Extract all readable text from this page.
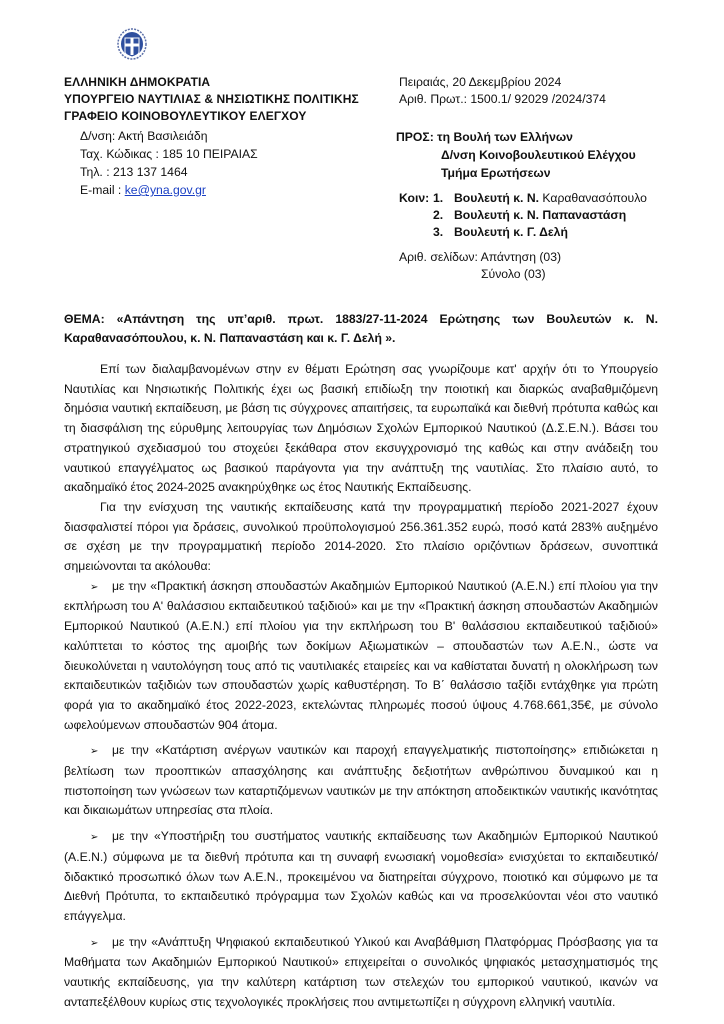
ΕΛΛΗΝΙΚΗ ΔΗΜΟΚΡΑΤΙΑ
ΥΠΟΥΡΓΕΙΟ ΝΑΥΤΙΛΙΑΣ & ΝΗΣΙΩΤΙΚΗΣ ΠΟΛΙΤΙΚΗΣ
ΓΡΑΦΕΙΟ ΚΟΙΝΟΒΟΥΛΕΥΤΙΚΟΥ ΕΛΕΓΧΟΥ
Δ/νση: Ακτή Βασιλειάδη
Ταχ. Κώδικας : 185 10 ΠΕΙΡΑΙΑΣ
Τηλ. : 213 137 1464
E-mail : ke@yna.gov.gr
Πειραιάς, 20 Δεκεμβρίου 2024
Αριθ. Πρωτ.: 1500.1/ 92029 /2024/374
ΠΡΟΣ: τη Βουλή των Ελλήνων
Δ/νση Κοινοβουλευτικού Ελέγχου
Τμήμα Ερωτήσεων
Κοιν: 1. Βουλευτή κ. Ν. Καραθανασόπουλο
2. Βουλευτή κ. Ν. Παπαναστάση
3. Βουλευτή κ. Γ. Δελή
Αριθ. σελίδων: Απάντηση (03)
Σύνολο (03)
ΘΕΜΑ: «Απάντηση της υπ’αριθ. πρωτ. 1883/27-11-2024 Ερώτησης των Βουλευτών κ. Ν. Καραθανασόπουλου, κ. Ν. Παπαναστάση και κ. Γ. Δελή ».

Επί των διαλαμβανομένων στην εν θέματι Ερώτηση σας γνωρίζουμε κατ' αρχήν ότι το Υπουργείο Ναυτιλίας και Νησιωτικής Πολιτικής έχει ως βασική επιδίωξη την ποιοτική και διαρκώς αναβαθμιζόμενη δημόσια ναυτική εκπαίδευση, με βάση τις σύγχρονες απαιτήσεις, τα ευρωπαϊκά και διεθνή πρότυπα καθώς και τη διασφάλιση της εύρυθμης λειτουργίας των Δημόσιων Σχολών Εμπορικού Ναυτικού (Δ.Σ.Ε.Ν.). Βάσει του στρατηγικού σχεδιασμού του στοχεύει ξεκάθαρα στον εκσυγχρονισμό της καθώς και στην ανάδειξη του ναυτικού επαγγέλματος ως βασικού παράγοντα για την ανάπτυξη της ναυτιλίας. Στο πλαίσιο αυτό, το ακαδημαϊκό έτος 2024-2025 ανακηρύχθηκε ως έτος Ναυτικής Εκπαίδευσης.

Για την ενίσχυση της ναυτικής εκπαίδευσης κατά την προγραμματική περίοδο 2021-2027 έχουν διασφαλιστεί πόροι για δράσεις, συνολικού προϋπολογισμού 256.361.352 ευρώ, ποσό κατά 283% αυξημένο σε σχέση με την προγραμματική περίοδο 2014-2020. Στο πλαίσιο οριζόντιων δράσεων, συνοπτικά σημειώνονται τα ακόλουθα:

➢ με την «Πρακτική άσκηση σπουδαστών Ακαδημιών Εμπορικού Ναυτικού (Α.Ε.Ν.) επί πλοίου για την εκπλήρωση του Α' θαλάσσιου εκπαιδευτικού ταξιδιού» και με την «Πρακτική άσκηση σπουδαστών Ακαδημιών Εμπορικού Ναυτικού (Α.Ε.Ν.) επί πλοίου για την εκπλήρωση του Β' θαλάσσιου εκπαιδευτικού ταξιδιού» καλύπτεται το κόστος της αμοιβής των δοκίμων Αξιωματικών – σπουδαστών των Α.Ε.Ν., ώστε να διευκολύνεται η ναυτολόγηση τους από τις ναυτιλιακές εταιρείες και να καθίσταται δυνατή η ολοκλήρωση των εκπαιδευτικών ταξιδιών των σπουδαστών χωρίς καθυστέρηση. Το Β΄ θαλάσσιο ταξίδι εντάχθηκε για πρώτη φορά για το ακαδημαϊκό έτος 2022-2023, εκτελώντας πληρωμές ποσού ύψους 4.768.661,35€, με σύνολο ωφελούμενων σπουδαστών 904 άτομα.

➢ με την «Κατάρτιση ανέργων ναυτικών και παροχή επαγγελματικής πιστοποίησης» επιδιώκεται η βελτίωση των προοπτικών απασχόλησης και ανάπτυξης δεξιοτήτων ανθρώπινου δυναμικού και η πιστοποίηση των γνώσεων των καταρτιζόμενων ναυτικών με την απόκτηση αποδεικτικών ναυτικής ικανότητας και δικαιωμάτων υπηρεσίας στα πλοία.

➢ με την «Υποστήριξη του συστήματος ναυτικής εκπαίδευσης των Ακαδημιών Εμπορικού Ναυτικού (Α.Ε.Ν.) σύμφωνα με τα διεθνή πρότυπα και τη συναφή ενωσιακή νομοθεσία» ενισχύεται το εκπαιδευτικό/διδακτικό προσωπικό όλων των Α.Ε.Ν., προκειμένου να διατηρείται σύγχρονο, ποιοτικό και σύμφωνο με τα Διεθνή Πρότυπα, το εκπαιδευτικό πρόγραμμα των Σχολών καθώς και να προσελκύονται νέοι στο ναυτικό επάγγελμα.

➢ με την «Ανάπτυξη Ψηφιακού εκπαιδευτικού Υλικού και Αναβάθμιση Πλατφόρμας Πρόσβασης για τα Μαθήματα των Ακαδημιών Εμπορικού Ναυτικού» επιχειρείται ο συνολικός ψηφιακός μετασχηματισμός της ναυτικής εκπαίδευσης, για την καλύτερη κατάρτιση των στελεχών του εμπορικού ναυτικού, ικανών να ανταπεξέλθουν κυρίως στις τεχνολογικές προκλήσεις που αντιμετωπίζει η σύγχρονη ελληνική ναυτιλία.
